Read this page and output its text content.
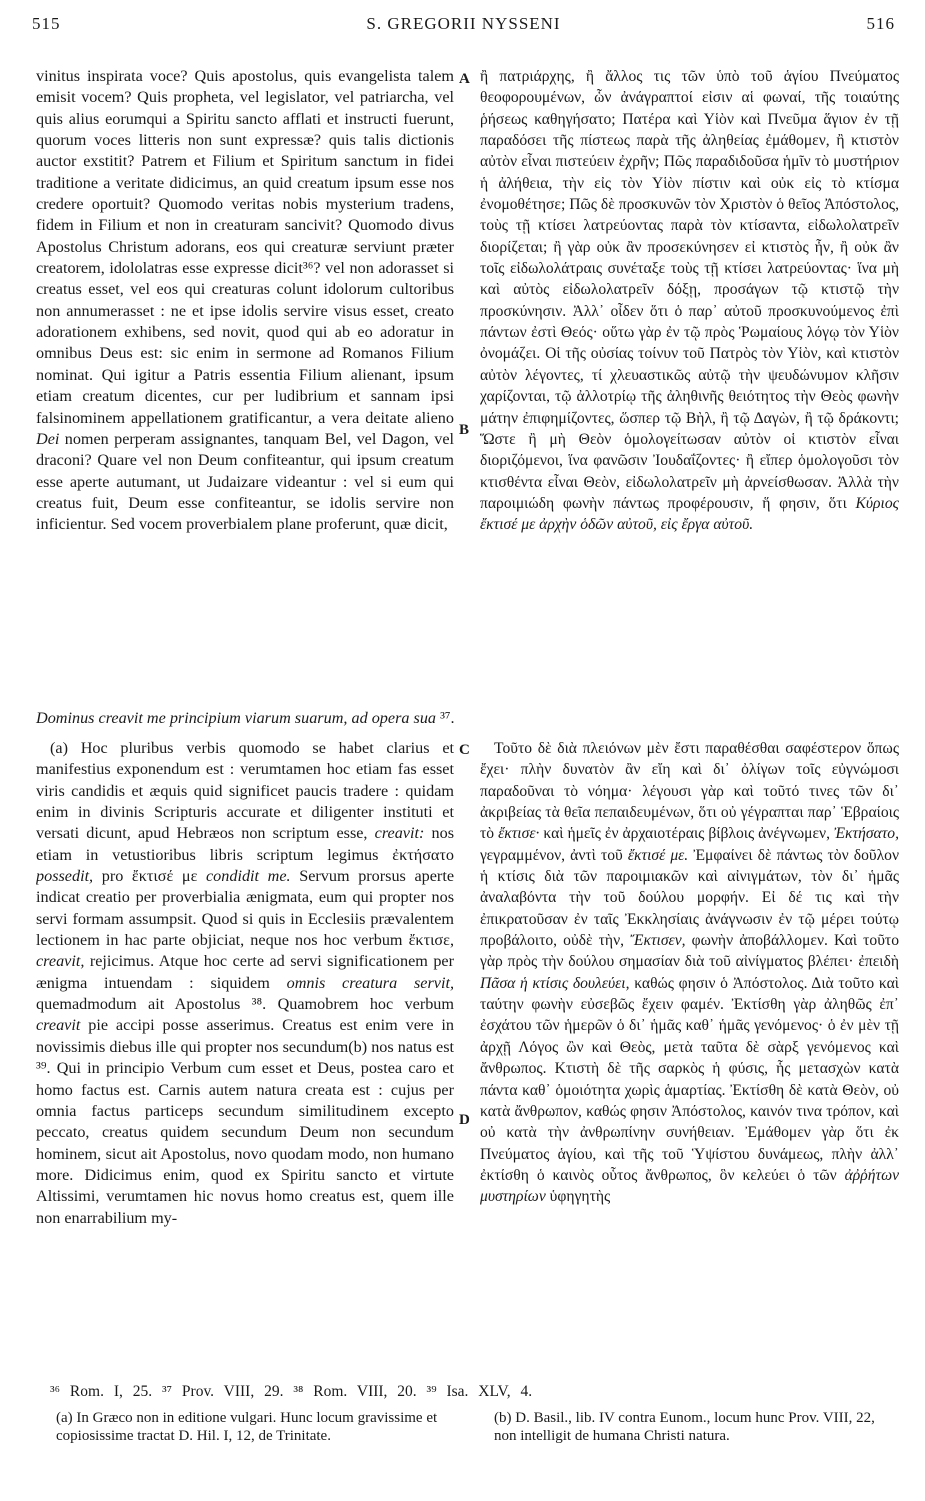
515	S. GREGORII NYSSENI	516
A
B
C
D

vinitus inspirata voce? Quis apostolus, quis evangelista talem emisit vocem? Quis propheta, vel legislator, vel patriarcha, vel quis alius eorumqui a Spiritu sancto afflati et instructi fuerunt, quorum voces litteris non sunt expressæ? quis talis dictionis auctor exstitit? Patrem et Filium et Spiritum sanctum in fidei traditione a veritate didicimus, an quid creatum ipsum esse nos credere oportuit? Quomodo veritas nobis mysterium tradens, fidem in Filium et non in creaturam sancivit? Quomodo divus Apostolus Christum adorans, eos qui creaturæ serviunt præter creatorem, idololatras esse expresse dicit³⁶? vel non adorasset si creatus esset, vel eos qui creaturas colunt idolorum cultoribus non annumerasset : ne et ipse idolis servire visus esset, creato adorationem exhibens, sed novit, quod qui ab eo adoratur in omnibus Deus est: sic enim in sermone ad Romanos Filium nominat. Qui igitur a Patris essentia Filium alienant, ipsum etiam creatum dicentes, cur per ludibrium et sannam ipsi falsinominem appellationem gratificantur, a vera deitate alieno Dei nomen perperam assignantes, tanquam Bel, vel Dagon, vel draconi? Quare vel non Deum confiteantur, qui ipsum creatum esse aperte autumant, ut Judaizare videantur : vel si eum qui creatus fuit, Deum esse confiteantur, se idolis servire non inficientur. Sed vocem proverbialem plane proferunt, quæ dicit,

ἢ πατριάρχης, ἢ ἄλλος τις τῶν ὑπὸ τοῦ ἁγίου Πνεύματος θεοφορουμένων, ὧν ἀνάγραπτοί εἰσιν αἱ φωναί, τῆς τοιαύτης ῥήσεως καθηγήσατο; Πατέρα καὶ Υἱὸν καὶ Πνεῦμα ἅγιον ἐν τῇ παραδόσει τῆς πίστεως παρὰ τῆς ἀληθείας ἐμάθομεν, ἢ κτιστὸν αὐτὸν εἶναι πιστεύειν ἐχρῆν; Πῶς παραδιδοῦσα ἡμῖν τὸ μυστήριον ἡ ἀλήθεια, τὴν εἰς τὸν Υἱὸν πίστιν καὶ οὐκ εἰς τὸ κτίσμα ἐνομοθέτησε; Πῶς δὲ προσκυνῶν τὸν Χριστὸν ὁ θεῖος Ἀπόστολος, τοὺς τῇ κτίσει λατρεύοντας παρὰ τὸν κτίσαντα, εἰδωλολατρεῖν διορίζεται; ἢ γὰρ οὐκ ἂν προσεκύνησεν εἰ κτιστὸς ἦν, ἢ οὐκ ἂν τοῖς εἰδωλολάτραις συνέταξε τοὺς τῇ κτίσει λατρεύοντας· ἵνα μὴ καὶ αὐτὸς εἰδωλολατρεῖν δόξῃ, προσάγων τῷ κτιστῷ τὴν προσκύνησιν. Ἀλλ᾽ οἶδεν ὅτι ὁ παρ᾽ αὐτοῦ προσκυνούμενος ἐπὶ πάντων ἐστὶ Θεός· οὕτω γὰρ ἐν τῷ πρὸς Ῥωμαίους λόγῳ τὸν Υἱὸν ὀνομάζει. Οἱ τῆς οὐσίας τοίνυν τοῦ Πατρὸς τὸν Υἱὸν, καὶ κτιστὸν αὐτὸν λέγοντες, τί χλευαστικῶς αὐτῷ τὴν ψευδώνυμον κλῆσιν χαρίζονται, τῷ ἀλλοτρίῳ τῆς ἀληθινῆς θειότητος τὴν Θεὸς φωνὴν μάτην ἐπιφημίζοντες, ὥσπερ τῷ Βὴλ, ἢ τῷ Δαγὼν, ἢ τῷ δράκοντι; Ὥστε ἢ μὴ Θεὸν ὁμολογείτωσαν αὐτὸν οἱ κτιστὸν εἶναι διοριζόμενοι, ἵνα φανῶσιν Ἰουδαΐζοντες· ἢ εἴπερ ὁμολογοῦσι τὸν κτισθέντα εἶναι Θεὸν, εἰδωλολατρεῖν μὴ ἀρνείσθωσαν. Ἀλλὰ τὴν παροιμιώδη φωνὴν πάντως προφέρουσιν, ἥ φησιν, ὅτι Κύριος ἔκτισέ με ἀρχὴν ὁδῶν αὐτοῦ, εἰς ἔργα αὐτοῦ.

Dominus creavit me principium viarum suarum, ad opera sua ³⁷.

(a) Hoc pluribus verbis quomodo se habet clarius et manifestius exponendum est : verumtamen hoc etiam fas esset viris candidis et æquis quid significet paucis tradere : quidam enim in divinis Scripturis accurate et diligenter instituti et versati dicunt, apud Hebræos non scriptum esse, creavit: nos etiam in vetustioribus libris scriptum legimus ἐκτήσατο possedit, pro ἔκτισέ με condidit me. Servum prorsus aperte indicat creatio per proverbialia ænigmata, eum qui propter nos servi formam assumpsit. Quod si quis in Ecclesiis prævalentem lectionem in hac parte objiciat, neque nos hoc verbum ἔκτισε, creavit, rejicimus. Atque hoc certe ad servi significationem per ænigma intuendam : siquidem omnis creatura servit, quemadmodum ait Apostolus ³⁸. Quamobrem hoc verbum creavit pie accipi posse asserimus. Creatus est enim vere in novissimis diebus ille qui propter nos secundum(b) nos natus est ³⁹. Qui in principio Verbum cum esset et Deus, postea caro et homo factus est. Carnis autem natura creata est : cujus per omnia factus particeps secundum similitudinem excepto peccato, creatus quidem secundum Deum non secundum hominem, sicut ait Apostolus, novo quodam modo, non humano more. Didicimus enim, quod ex Spiritu sancto et virtute Altissimi, verumtamen hic novus homo creatus est, quem ille non enarrabilium my-

Τοῦτο δὲ διὰ πλειόνων μὲν ἔστι παραθέσθαι σαφέστερον ὅπως ἔχει· πλὴν δυνατὸν ἂν εἴη καὶ δι᾽ ὀλίγων τοῖς εὐγνώμοσι παραδοῦναι τὸ νόημα· λέγουσι γὰρ καὶ τοῦτό τινες τῶν δι᾽ ἀκριβείας τὰ θεῖα πεπαιδευμένων, ὅτι οὐ γέγραπται παρ᾽ Ἑβραίοις τὸ ἔκτισε· καὶ ἡμεῖς ἐν ἀρχαιοτέραις βίβλοις ἀνέγνωμεν, Ἐκτήσατο, γεγραμμένον, ἀντὶ τοῦ ἔκτισέ με. Ἐμφαίνει δὲ πάντως τὸν δοῦλον ἡ κτίσις διὰ τῶν παροιμιακῶν καὶ αἰνιγμάτων, τὸν δι᾽ ἡμᾶς ἀναλαβόντα τὴν τοῦ δούλου μορφήν. Εἰ δέ τις καὶ τὴν ἐπικρατοῦσαν ἐν ταῖς Ἐκκλησίαις ἀνάγνωσιν ἐν τῷ μέρει τούτῳ προβάλοιτο, οὐδὲ τὴν, Ἔκτισεν, φωνὴν ἀποβάλλομεν. Καὶ τοῦτο γὰρ πρὸς τὴν δούλου σημασίαν διὰ τοῦ αἰνίγματος βλέπει· ἐπειδὴ Πᾶσα ἡ κτίσις δουλεύει, καθώς φησιν ὁ Ἀπόστολος. Διὰ τοῦτο καὶ ταύτην φωνὴν εὐσεβῶς ἔχειν φαμέν. Ἐκτίσθη γὰρ ἀληθῶς ἐπ᾽ ἐσχάτου τῶν ἡμερῶν ὁ δι᾽ ἡμᾶς καθ᾽ ἡμᾶς γενόμενος· ὁ ἐν μὲν τῇ ἀρχῇ Λόγος ὢν καὶ Θεὸς, μετὰ ταῦτα δὲ σὰρξ γενόμενος καὶ ἄνθρωπος. Κτιστὴ δὲ τῆς σαρκὸς ἡ φύσις, ἧς μετασχὼν κατὰ πάντα καθ᾽ ὁμοιότητα χωρὶς ἁμαρτίας. Ἐκτίσθη δὲ κατὰ Θεὸν, οὐ κατὰ ἄνθρωπον, καθώς φησιν Ἀπόστολος, καινόν τινα τρόπον, καὶ οὐ κατὰ τὴν ἀνθρωπίνην συνήθειαν. Ἐμάθομεν γὰρ ὅτι ἐκ Πνεύματος ἁγίου, καὶ τῆς τοῦ Ὑψίστου δυνάμεως, πλὴν ἀλλ᾽ ἐκτίσθη ὁ καινὸς οὗτος ἄνθρωπος, ὃν κελεύει ὁ τῶν ἀῤῥήτων μυστηρίων ὑφηγητὴς

³⁶ Rom. I, 25. ³⁷ Prov. VIII, 29. ³⁸ Rom. VIII, 20. ³⁹ Isa. XLV, 4.
(a) In Græco non in editione vulgari. Hunc locum gravissime et copiosissime tractat D. Hil. I, 12, de Trinitate.
(b) D. Basil., lib. IV contra Eunom., locum hunc Prov. VIII, 22, non intelligit de humana Christi natura.
